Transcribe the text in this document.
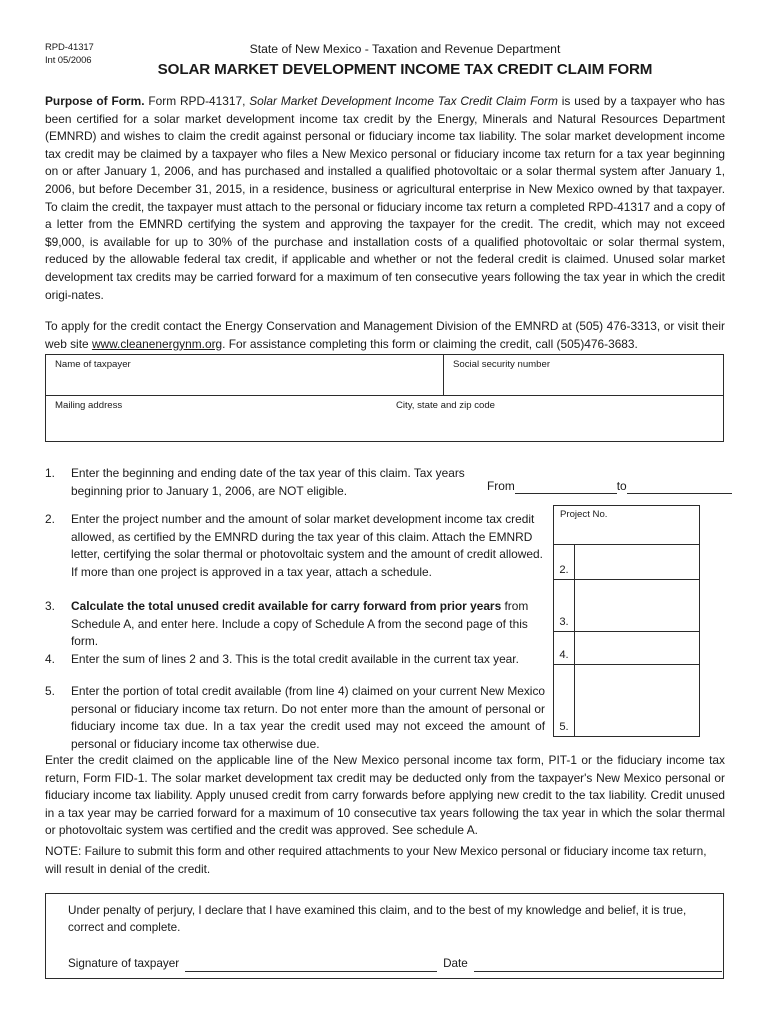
RPD-41317
Int 05/2006
State of New Mexico - Taxation and Revenue Department
SOLAR MARKET DEVELOPMENT INCOME TAX CREDIT CLAIM FORM
Purpose of Form. Form RPD-41317, Solar Market Development Income Tax Credit Claim Form is used by a taxpayer who has been certified for a solar market development income tax credit by the Energy, Minerals and Natural Resources Department (EMNRD) and wishes to claim the credit against personal or fiduciary income tax liability. The solar market development income tax credit may be claimed by a taxpayer who files a New Mexico personal or fiduciary income tax return for a tax year beginning on or after January 1, 2006, and has purchased and installed a qualified photovoltaic or a solar thermal system after January 1, 2006, but before December 31, 2015, in a residence, business or agricultural enterprise in New Mexico owned by that taxpayer. To claim the credit, the taxpayer must attach to the personal or fiduciary income tax return a completed RPD-41317 and a copy of a letter from the EMNRD certifying the system and approving the taxpayer for the credit. The credit, which may not exceed $9,000, is available for up to 30% of the purchase and installation costs of a qualified photovoltaic or solar thermal system, reduced by the allowable federal tax credit, if applicable and whether or not the federal credit is claimed. Unused solar market development tax credits may be carried forward for a maximum of ten consecutive years following the tax year in which the credit origi-nates.
To apply for the credit contact the Energy Conservation and Management Division of the EMNRD at (505) 476-3313, or visit their web site www.cleanenergynm.org. For assistance completing this form or claiming the credit, call (505)476-3683.
Name of taxpayer	Social security number
Mailing address	City, state and zip code
1.	Enter the beginning and ending date of the tax year of this claim. Tax years beginning prior to January 1, 2006, are NOT eligible.	From	to
2.	Enter the project number and the amount of solar market development income tax credit allowed, as certified by the EMNRD during the tax year of this claim. Attach the EMNRD letter, certifying the solar thermal or photovoltaic system and the amount of credit allowed. If more than one project is approved in a tax year, attach a schedule.
3.	Calculate the total unused credit available for carry forward from prior years from Schedule A, and enter here. Include a copy of Schedule A from the second page of this form.
4.	Enter the sum of lines 2 and 3. This is the total credit available in the current tax year.
5.	Enter the portion of total credit available (from line 4) claimed on your current New Mexico personal or fiduciary income tax return. Do not enter more than the amount of personal or fiduciary income tax due. In a tax year the credit used may not exceed the amount of personal or fiduciary income tax otherwise due.
Project No.
2.
3.
4.
5.
Enter the credit claimed on the applicable line of the New Mexico personal income tax form, PIT-1 or the fiduciary income tax return, Form FID-1. The solar market development tax credit may be deducted only from the taxpayer's New Mexico personal or fiduciary income tax liability. Apply unused credit from carry forwards before applying new credit to the tax liability. Credit unused in a tax year may be carried forward for a maximum of 10 consecutive tax years following the tax year in which the solar thermal or photovoltaic system was certified and the credit was approved. See schedule A.
NOTE: Failure to submit this form and other required attachments to your New Mexico personal or fiduciary income tax return, will result in denial of the credit.
Under penalty of perjury, I declare that I have examined this claim, and to the best of my knowledge and belief, it is true, correct and complete.
Signature of taxpayer	Date
